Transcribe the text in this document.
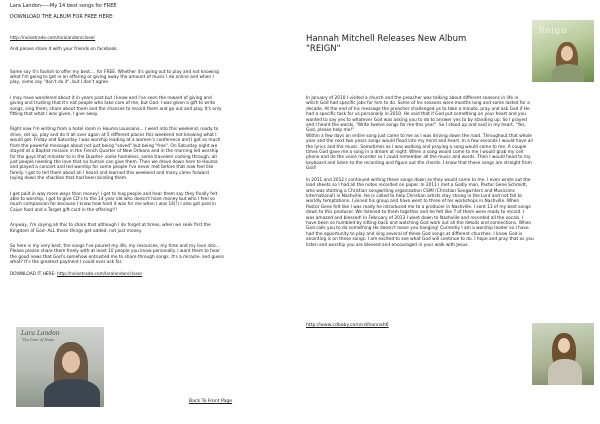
Lara Landon-----My 14 best songs for FREE

DOWNLOAD THE ALBUM FOR FREE HERE:

http://noisetrade.com/laralandon/closer

And please share it with your friends on facebook.

Some say it's foolish to offer my best.... for FREE. Whether it's going out to play and not knowing

what I'm going to get in an offering or giving away the amount of music I do online and when I

play, some say "don't do it", but I don't agree.

I may have wondered about it in years past but I know and I've seen the reward of giving and

giving and trusting that it's not people who take care of me, but God. I was given a gift to write

songs, sing them, share about them and the chances to record them and go out and play. It's only

fitting that what I was given, I give away.

Right now I'm writing from a hotel room in Houma Louisiana... I went into this weekend, ready to

drive, set up, play and do it all over again at 5 different places this weekend not knowing what I

would get. Friday and Saturday I was worship leading at a women's conference and I got so much

from the powerful message about not just being "saved" but being "free". On Saturday night we

stayed at a Baptist mission in the French Quarter of New Orleans and in the morning led worship

for the guys that minister to in the Quarter- some homeless, some travelers coming through, all

just people needing the love that no human can give them. Then we drove down here to Houma

and played a concert and led worship for some people I've never met before that now feel like

family. I got to tell them about all I heard and learned this weekend and many came forward

laying down the shackles that had been binding them.

I get paid in way more ways than money! I get to hug people and hear them say they finally felt

able to worship, I got to give CD's to the 14 year old who doesn't have money but who I feel so

much compassion for because I know how hard it was for me when I was 14(!) I also got paid in

Cajun food and a Target gift card in the offering!!!

Anyway, I'm saying all this to share that although I do forget at times, when we seek first the

Kingdom of God- ALL these things get added, not just money.

So here is my very best, the songs I've poured my life, my resources, my time and my love into...

Please please share them freely with at least 10 people you know personally. I want them to hear

the good news that God's somehow entrusted me to share through songs. It's a miracle- and guess

what? It's the greatest payment I could ever ask for.

DOWNLOAD IT HERE: http://noisetrade.com/laralandon/closer

Lara Landon
The Door of Hope
Back To Front Page
Hannah Mitchell Releases New Album
"REIGN"
Reign

In January of 2010 I visited a church and the preacher was talking about different seasons in life in

which God had specific jobs for him to do. Some of his seasons were months long and some lasted for a

decade. At the end of his message the preacher challenged us to take a minute, pray and ask God if He

had a specific task for us personally in 2010. He said that if God put something on your heart and you

wanted to say yes to whatever God was asking you to do to answer yes to by standing up. So I prayed

and I heard the words, "Write twelve songs for me this year". So I stood up and said in my heart, "Yes,

God, please help me!"

Within a few days an entire song just came to me as I was driving down the road. Throughout that whole

year and the next two years songs would flood into my mind and heart. In a few seconds I would have all

the lyrics and the music. Sometimes as I was walking and praying a song would come to me. A couple

times God gave me a song in a dream at night. When a song would come to me I would grab my cell

phone and do the voice recorder so I could remember all the music and words. Then I would head to my

keyboard and listen to the recording and figure out the chords. I know that these songs are straight from

God!

In 2011 and 2012 I continued writing these songs down as they would come to me. I even wrote out the

lead sheets so I had all the notes recorded on paper. In 2011 I met a Godly man, Pastor Gene Schmidt,

who was starting a Christian songwriting organization CSMI (Christian Songwriters and Musicians

International) in Nashville. He is called to help Christian artists stay strong in the Lord and not fall to

worldly temptations. I joined his group and have went to three of his workshops in Nashville. When

Pastor Gene felt like I was ready he introduced me to a producer in Nashville. I sent 13 of my best songs

down to this producer. We listened to them together and he felt like 7 of them were ready to record. I

was amazed and blessed! In February of 2013 I went down to Nashville and recorded all the vocals. I

have been so humbled by sitting back and watching God work out all the details and connections. When

God calls you to do something He doesn't leave you hanging! Currently I am a worship leader so I have

had the opportunity to play and sing several of these God songs at different churches. I know God is

anointing is on these songs. I am excited to see what God will continue to do. I hope and pray that as you

listen and worship you are blessed and encouraged in your walk with Jesus.

http://www.cdbaby.com/cd/hannah6
